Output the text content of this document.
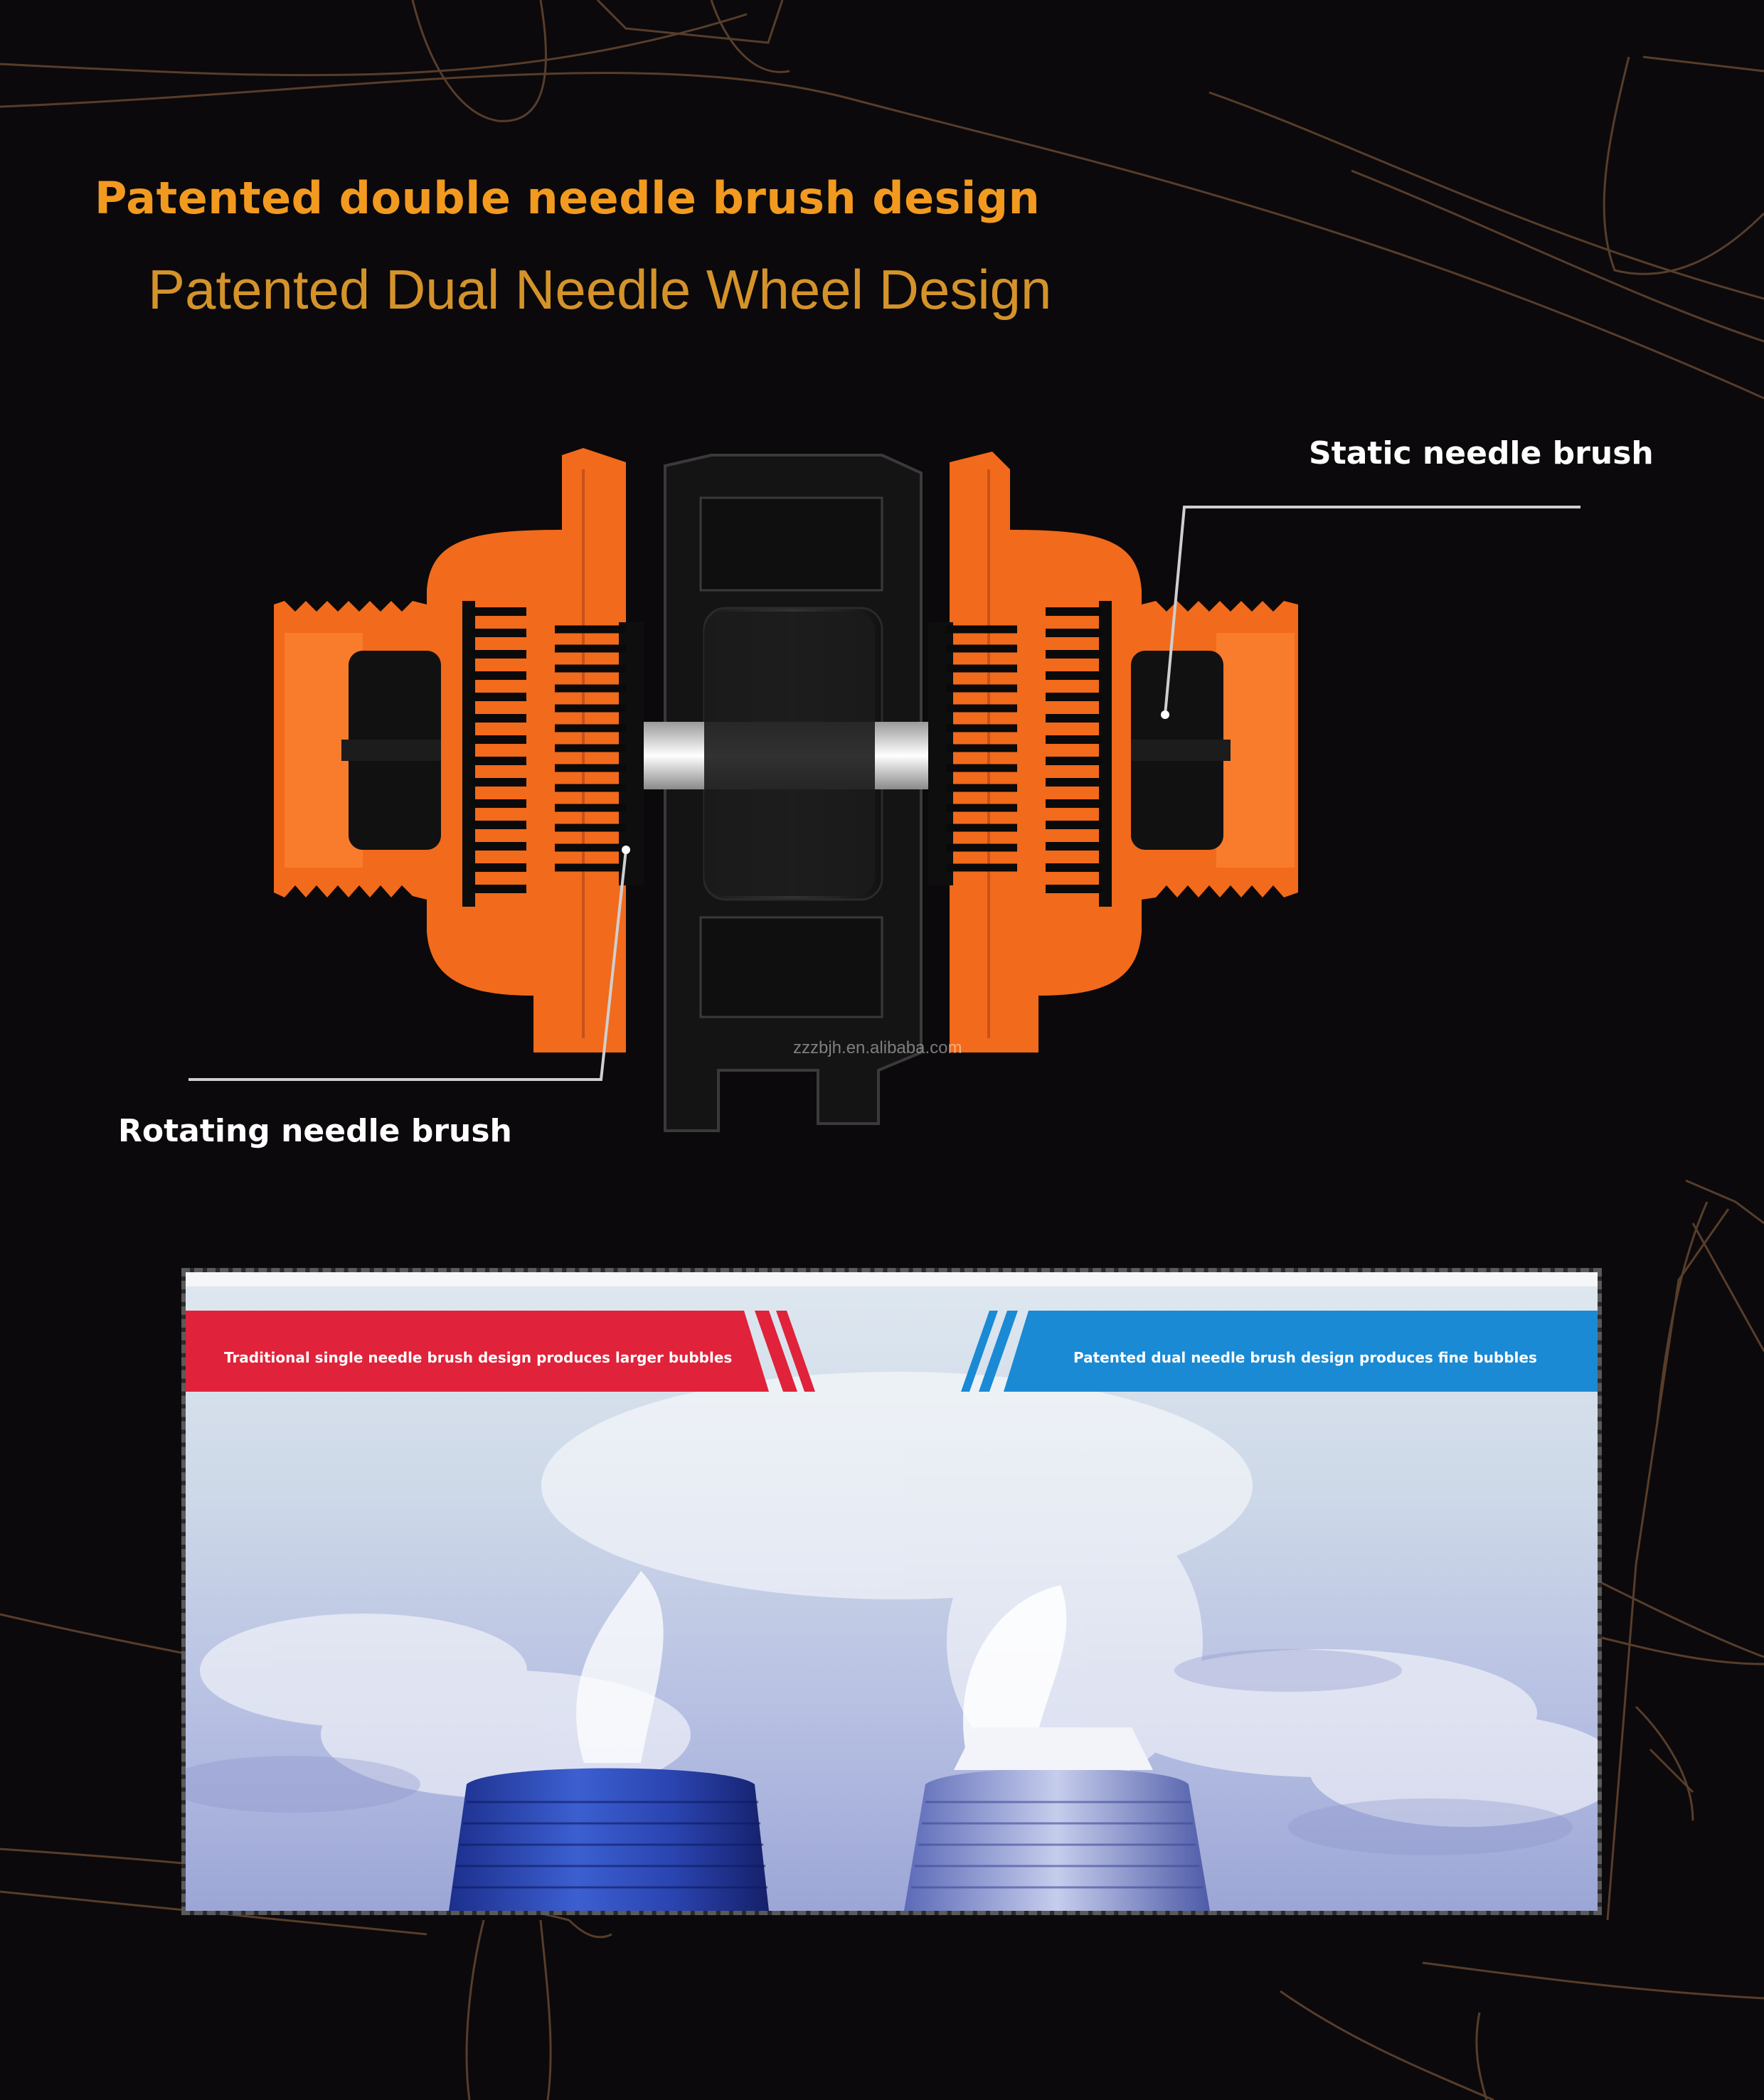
Patented double needle brush design
Patented Dual Needle Wheel Design
Static needle brush
Rotating needle brush
zzzbjh.en.alibaba.com
Traditional single needle brush design produces larger bubbles	Patented dual needle brush design produces fine bubbles
